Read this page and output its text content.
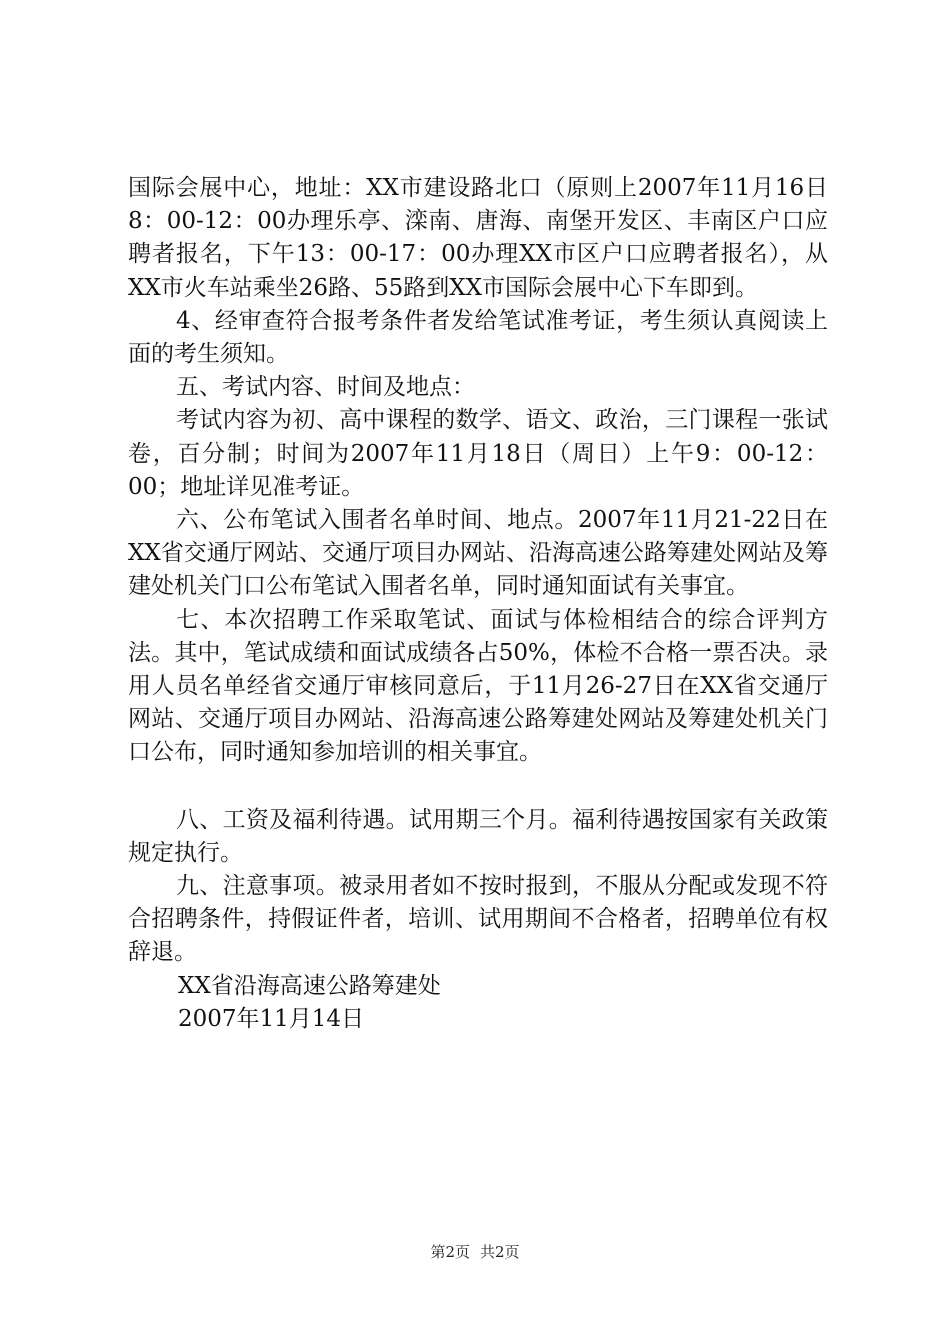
国际会展中心，地址：XX市建设路北口（原则上2007年11月16日8：00-12：00办理乐亭、滦南、唐海、南堡开发区、丰南区户口应聘者报名，下午13：00-17：00办理XX市区户口应聘者报名），从XX市火车站乘坐26路、55路到XX市国际会展中心下车即到。

4、经审查符合报考条件者发给笔试准考证，考生须认真阅读上面的考生须知。

五、考试内容、时间及地点：

考试内容为初、高中课程的数学、语文、政治，三门课程一张试卷，百分制；时间为2007年11月18日（周日）上午9：00-12：00；地址详见准考证。

六、公布笔试入围者名单时间、地点。2007年11月21-22日在XX省交通厅网站、交通厅项目办网站、沿海高速公路筹建处网站及筹建处机关门口公布笔试入围者名单，同时通知面试有关事宜。

七、本次招聘工作采取笔试、面试与体检相结合的综合评判方法。其中，笔试成绩和面试成绩各占50%，体检不合格一票否决。录用人员名单经省交通厅审核同意后，于11月26-27日在XX省交通厅网站、交通厅项目办网站、沿海高速公路筹建处网站及筹建处机关门口公布，同时通知参加培训的相关事宜。

八、工资及福利待遇。试用期三个月。福利待遇按国家有关政策规定执行。

九、注意事项。被录用者如不按时报到，不服从分配或发现不符合招聘条件，持假证件者，培训、试用期间不合格者，招聘单位有权辞退。

XX省沿海高速公路筹建处

2007年11月14日

第2页 共2页
